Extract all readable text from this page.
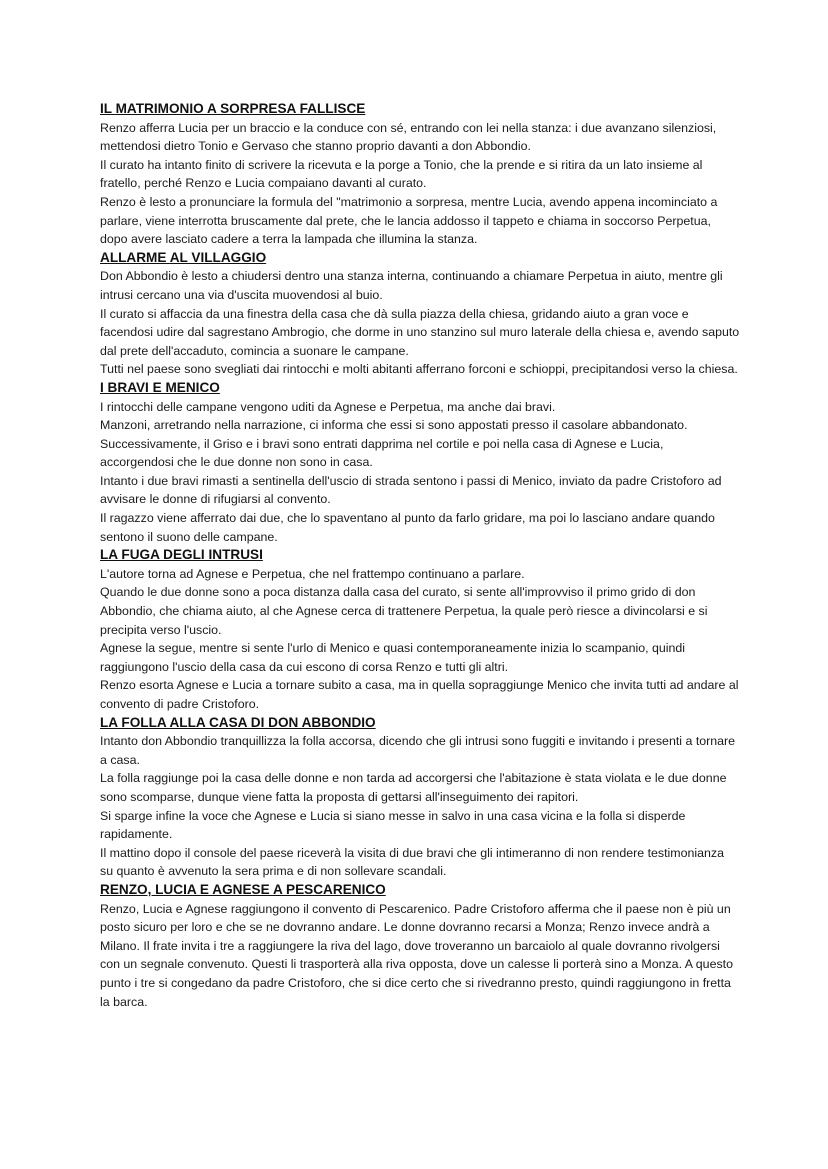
IL MATRIMONIO A SORPRESA FALLISCE

Renzo afferra Lucia per un braccio e la conduce con sé, entrando con lei nella stanza: i due avanzano silenziosi, mettendosi dietro Tonio e Gervaso che stanno proprio davanti a don Abbondio.

Il curato ha intanto finito di scrivere la ricevuta e la porge a Tonio, che la prende e si ritira da un lato insieme al fratello, perché Renzo e Lucia compaiano davanti al curato.

Renzo è lesto a pronunciare la formula del "matrimonio a sorpresa, mentre Lucia, avendo appena incominciato a parlare, viene interrotta bruscamente dal prete, che le lancia addosso il tappeto e chiama in soccorso Perpetua, dopo avere lasciato cadere a terra la lampada che illumina la stanza.

ALLARME AL VILLAGGIO

Don Abbondio è lesto a chiudersi dentro una stanza interna, continuando a chiamare Perpetua in aiuto, mentre gli intrusi cercano una via d'uscita muovendosi al buio.

Il curato si affaccia da una finestra della casa che dà sulla piazza della chiesa, gridando aiuto a gran voce e facendosi udire dal sagrestano Ambrogio, che dorme in uno stanzino sul muro laterale della chiesa e, avendo saputo dal prete dell'accaduto, comincia a suonare le campane.

Tutti nel paese sono svegliati dai rintocchi e molti abitanti afferrano forconi e schioppi, precipitandosi verso la chiesa.

I BRAVI E MENICO

I rintocchi delle campane vengono uditi da Agnese e Perpetua, ma anche dai bravi.

Manzoni, arretrando nella narrazione, ci informa che essi si sono appostati presso il casolare abbandonato. Successivamente, il Griso e i bravi sono entrati dapprima nel cortile e poi nella casa di Agnese e Lucia, accorgendosi che le due donne non sono in casa.

Intanto i due bravi rimasti a sentinella dell'uscio di strada sentono i passi di Menico, inviato da padre Cristoforo ad avvisare le donne di rifugiarsi al convento.

Il ragazzo viene afferrato dai due, che lo spaventano al punto da farlo gridare, ma poi lo lasciano andare quando sentono il suono delle campane.

LA FUGA DEGLI INTRUSI

L'autore torna ad Agnese e Perpetua, che nel frattempo continuano a parlare.

Quando le due donne sono a poca distanza dalla casa del curato, si sente all'improvviso il primo grido di don Abbondio, che chiama aiuto, al che Agnese cerca di trattenere Perpetua, la quale però riesce a divincolarsi e si precipita verso l'uscio.

Agnese la segue, mentre si sente l'urlo di Menico e quasi contemporaneamente inizia lo scampanio, quindi raggiungono l'uscio della casa da cui escono di corsa Renzo e tutti gli altri.

Renzo esorta Agnese e Lucia a tornare subito a casa, ma in quella sopraggiunge Menico che invita tutti ad andare al convento di padre Cristoforo.

LA FOLLA ALLA CASA DI DON ABBONDIO

Intanto don Abbondio tranquillizza la folla accorsa, dicendo che gli intrusi sono fuggiti e invitando i presenti a tornare a casa.

La folla raggiunge poi la casa delle donne e non tarda ad accorgersi che l'abitazione è stata violata e le due donne sono scomparse, dunque viene fatta la proposta di gettarsi all'inseguimento dei rapitori.

Si sparge infine la voce che Agnese e Lucia si siano messe in salvo in una casa vicina e la folla si disperde rapidamente.

Il mattino dopo il console del paese riceverà la visita di due bravi che gli intimeranno di non rendere testimonianza su quanto è avvenuto la sera prima e di non sollevare scandali.

RENZO, LUCIA E AGNESE A PESCARENICO

Renzo, Lucia e Agnese raggiungono il convento di Pescarenico. Padre Cristoforo afferma che il paese non è più un posto sicuro per loro e che se ne dovranno andare. Le donne dovranno recarsi a Monza; Renzo invece andrà a Milano. Il frate invita i tre a raggiungere la riva del lago, dove troveranno un barcaiolo al quale dovranno rivolgersi con un segnale convenuto. Questi li trasporterà alla riva opposta, dove un calesse li porterà sino a Monza. A questo punto i tre si congedano da padre Cristoforo, che si dice certo che si rivedranno presto, quindi raggiungono in fretta la barca.
